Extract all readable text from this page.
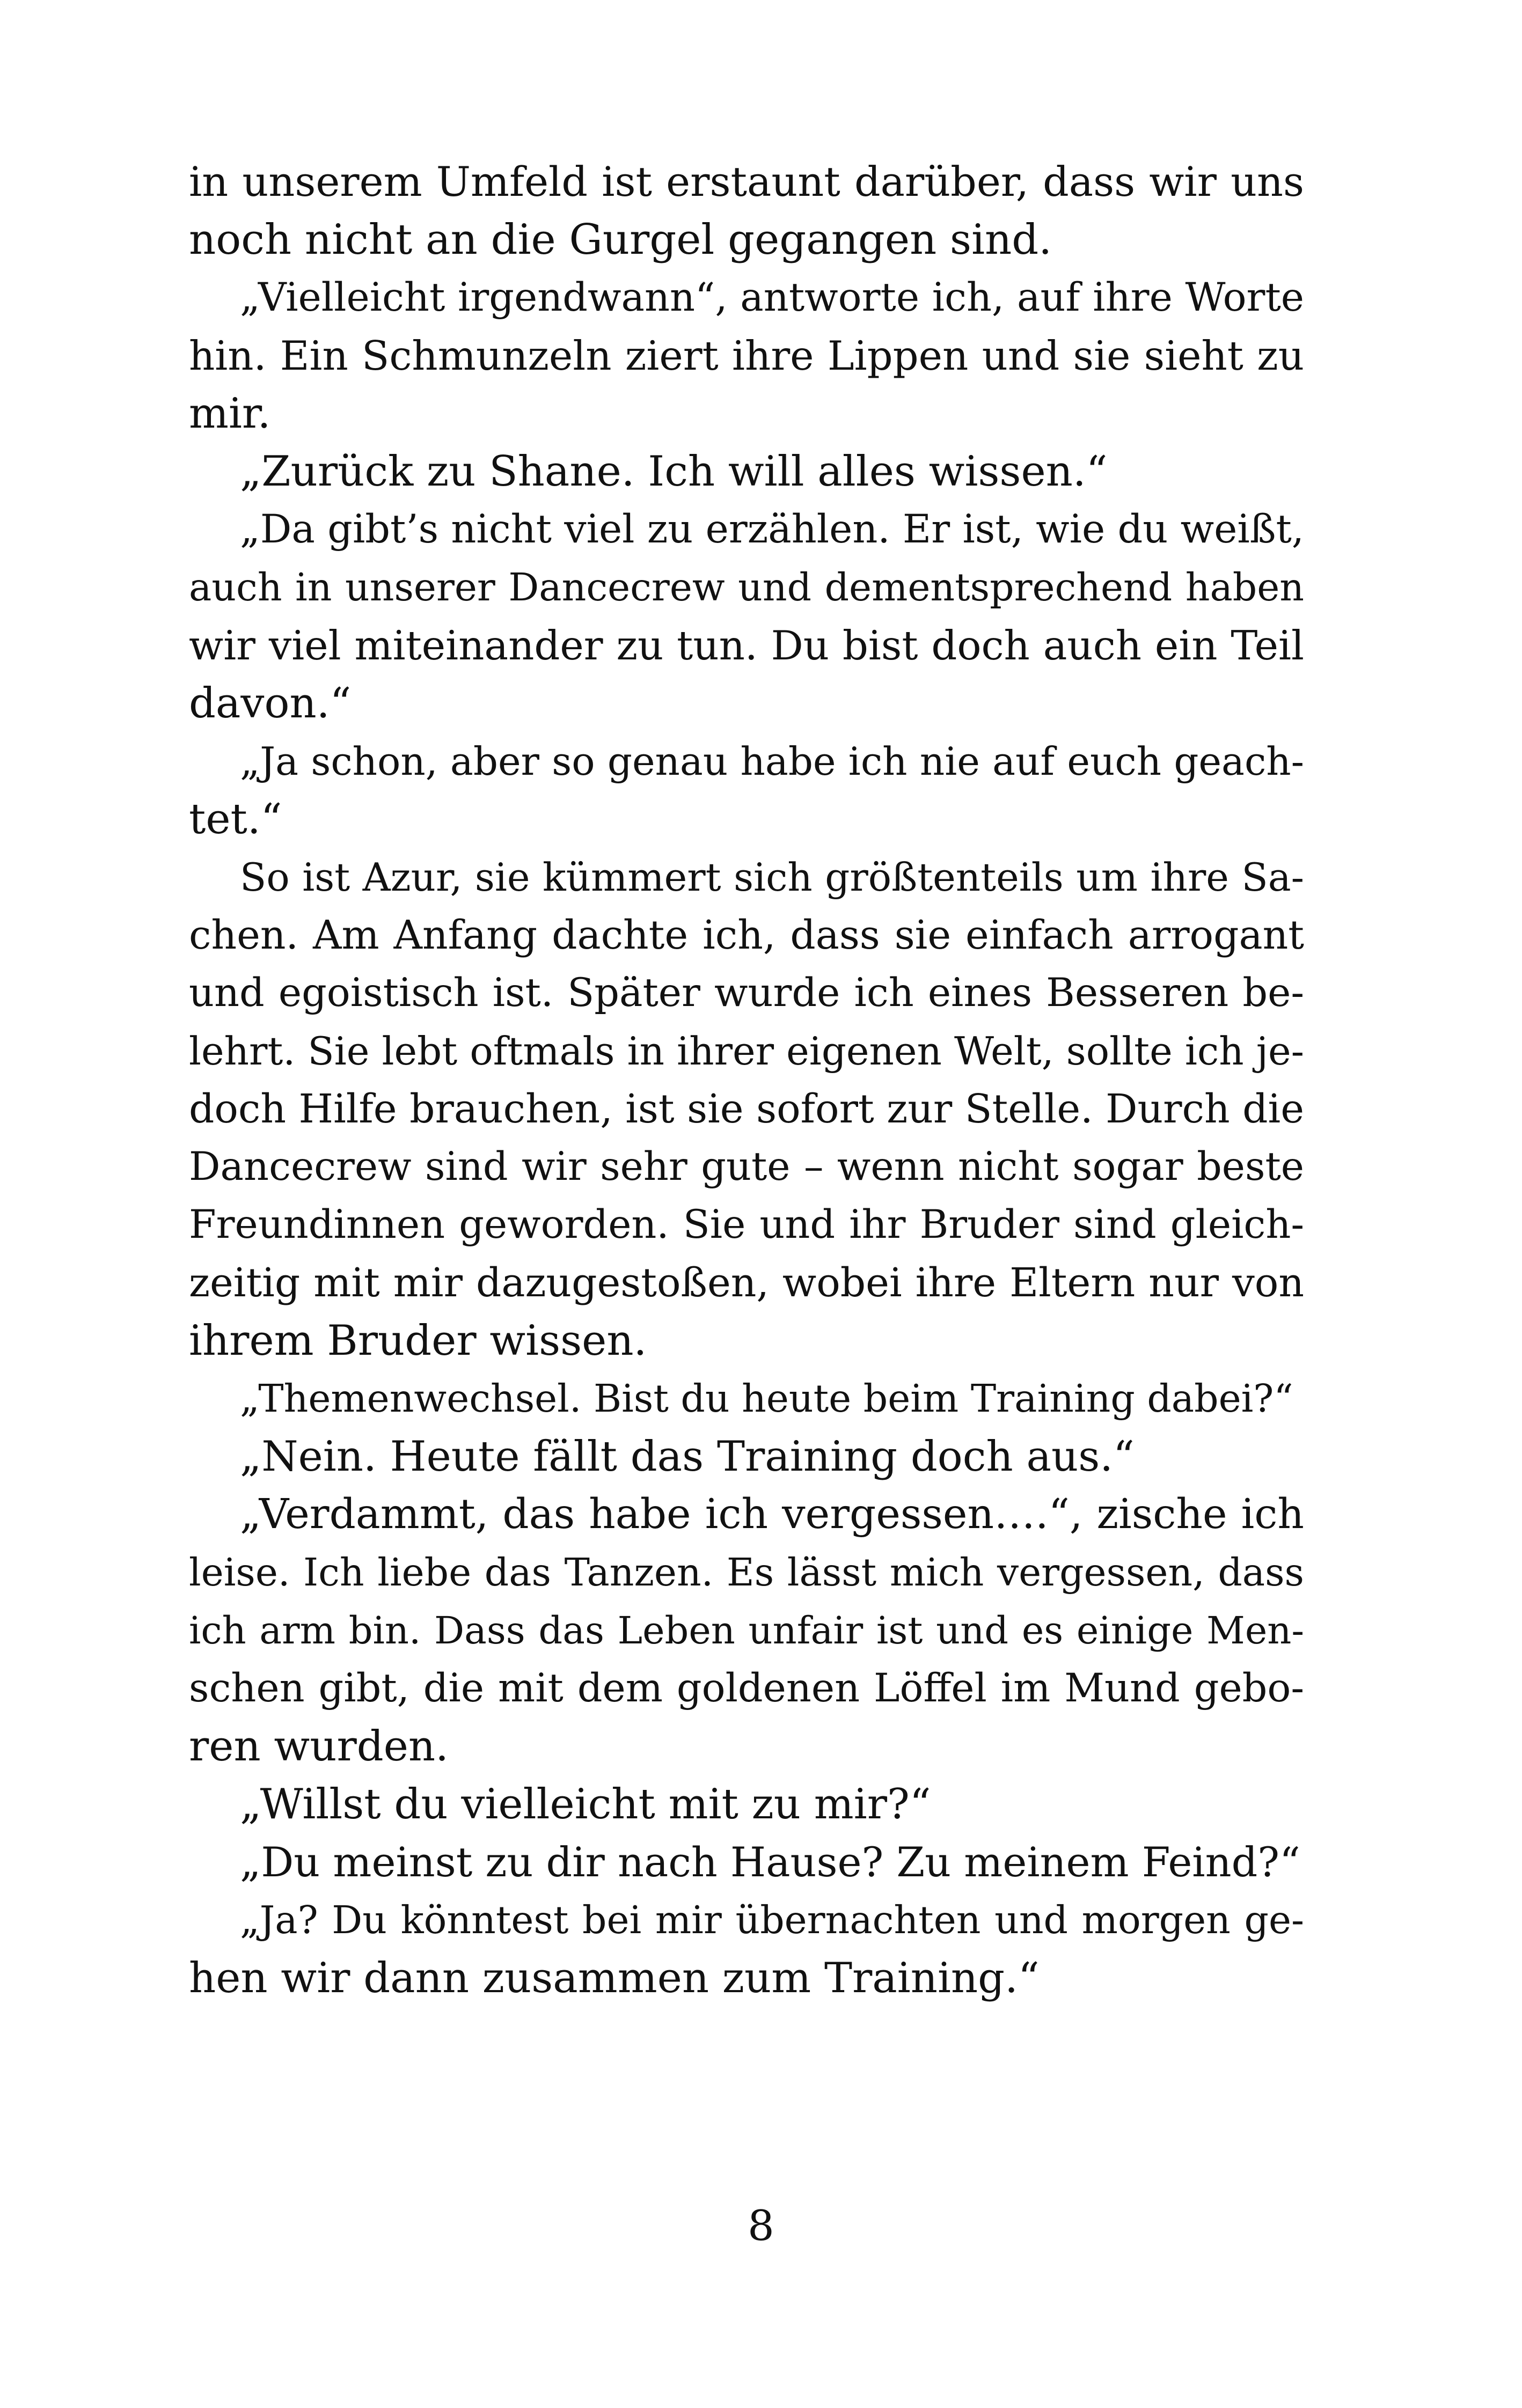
in unserem Umfeld ist erstaunt darüber, dass wir uns
noch nicht an die Gurgel gegangen sind.
„Vielleicht irgendwann“, antworte ich, auf ihre Worte
hin. Ein Schmunzeln ziert ihre Lippen und sie sieht zu
mir.
„Zurück zu Shane. Ich will alles wissen.“
„Da gibt’s nicht viel zu erzählen. Er ist, wie du weißt,
auch in unserer Dancecrew und dementsprechend haben
wir viel miteinander zu tun. Du bist doch auch ein Teil
davon.“
„Ja schon, aber so genau habe ich nie auf euch geach-
tet.“
So ist Azur, sie kümmert sich größtenteils um ihre Sa-
chen. Am Anfang dachte ich, dass sie einfach arrogant
und egoistisch ist. Später wurde ich eines Besseren be-
lehrt. Sie lebt oftmals in ihrer eigenen Welt, sollte ich je-
doch Hilfe brauchen, ist sie sofort zur Stelle. Durch die
Dancecrew sind wir sehr gute – wenn nicht sogar beste
Freundinnen geworden. Sie und ihr Bruder sind gleich-
zeitig mit mir dazugestoßen, wobei ihre Eltern nur von
ihrem Bruder wissen.
„Themenwechsel. Bist du heute beim Training dabei?“
„Nein. Heute fällt das Training doch aus.“
„Verdammt, das habe ich vergessen….“, zische ich
leise. Ich liebe das Tanzen. Es lässt mich vergessen, dass
ich arm bin. Dass das Leben unfair ist und es einige Men-
schen gibt, die mit dem goldenen Löffel im Mund gebo-
ren wurden.
„Willst du vielleicht mit zu mir?“
„Du meinst zu dir nach Hause? Zu meinem Feind?“
„Ja? Du könntest bei mir übernachten und morgen ge-
hen wir dann zusammen zum Training.“
8
